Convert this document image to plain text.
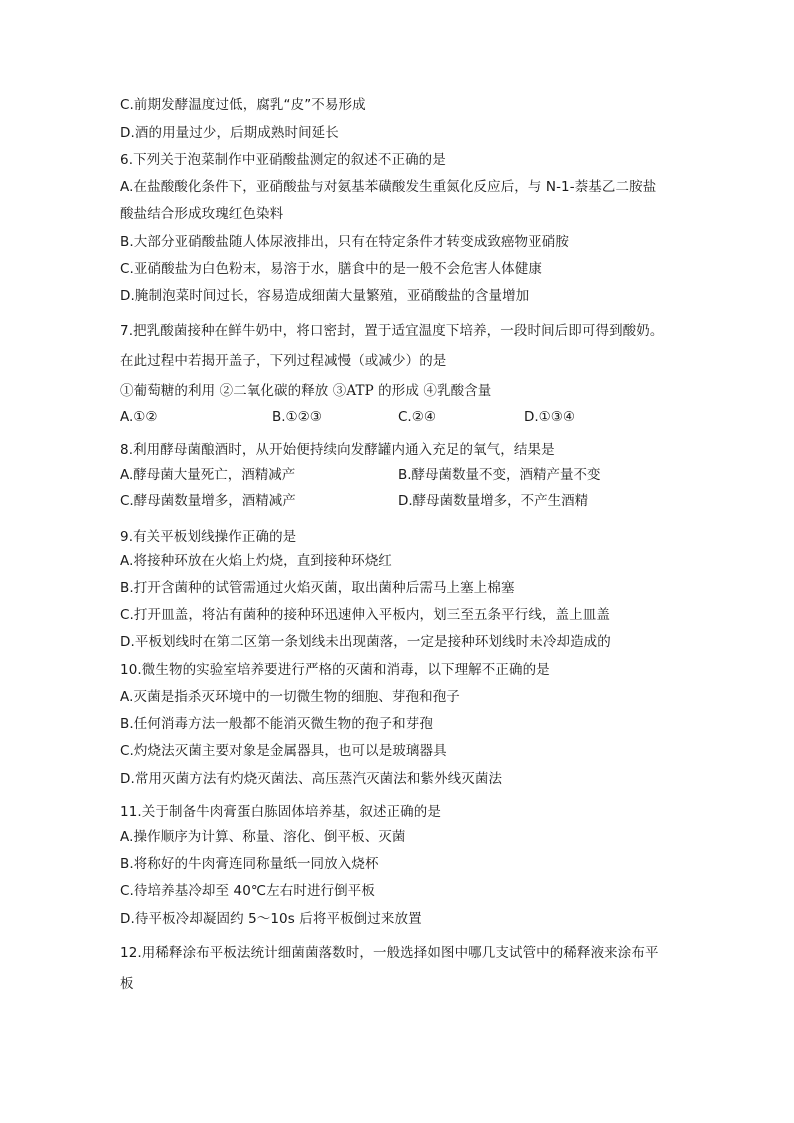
C.前期发酵温度过低，腐乳“皮”不易形成
D.酒的用量过少，后期成熟时间延长
6.下列关于泡菜制作中亚硝酸盐测定的叙述不正确的是
A.在盐酸酸化条件下，亚硝酸盐与对氨基苯磺酸发生重氮化反应后，与 N-1-萘基乙二胺盐
酸盐结合形成玫瑰红色染料
B.大部分亚硝酸盐随人体尿液排出，只有在特定条件才转变成致癌物亚硝胺
C.亚硝酸盐为白色粉末，易溶于水，膳食中的是一般不会危害人体健康
D.腌制泡菜时间过长，容易造成细菌大量繁殖，亚硝酸盐的含量增加
7.把乳酸菌接种在鲜牛奶中，将口密封，置于适宜温度下培养，一段时间后即可得到酸奶。
在此过程中若揭开盖子，下列过程减慢（或减少）的是
①葡萄糖的利用 ②二氧化碳的释放 ③ATP 的形成 ④乳酸含量
A.①②	B.①②③	C.②④	D.①③④
8.利用酵母菌酿酒时，从开始便持续向发酵罐内通入充足的氧气，结果是
A.酵母菌大量死亡，酒精减产	B.酵母菌数量不变，酒精产量不变
C.酵母菌数量增多，酒精减产	D.酵母菌数量增多，不产生酒精
9.有关平板划线操作正确的是
A.将接种环放在火焰上灼烧，直到接种环烧红
B.打开含菌种的试管需通过火焰灭菌，取出菌种后需马上塞上棉塞
C.打开皿盖，将沾有菌种的接种环迅速伸入平板内，划三至五条平行线，盖上皿盖
D.平板划线时在第二区第一条划线未出现菌落，一定是接种环划线时未冷却造成的
10.微生物的实验室培养要进行严格的灭菌和消毒，以下理解不正确的是
A.灭菌是指杀灭环境中的一切微生物的细胞、芽孢和孢子
B.任何消毒方法一般都不能消灭微生物的孢子和芽孢
C.灼烧法灭菌主要对象是金属器具，也可以是玻璃器具
D.常用灭菌方法有灼烧灭菌法、高压蒸汽灭菌法和紫外线灭菌法
11.关于制备牛肉膏蛋白胨固体培养基，叙述正确的是
A.操作顺序为计算、称量、溶化、倒平板、灭菌
B.将称好的牛肉膏连同称量纸一同放入烧杯
C.待培养基冷却至 40℃左右时进行倒平板
D.待平板冷却凝固约 5～10s 后将平板倒过来放置
12.用稀释涂布平板法统计细菌菌落数时，一般选择如图中哪几支试管中的稀释液来涂布平
板
